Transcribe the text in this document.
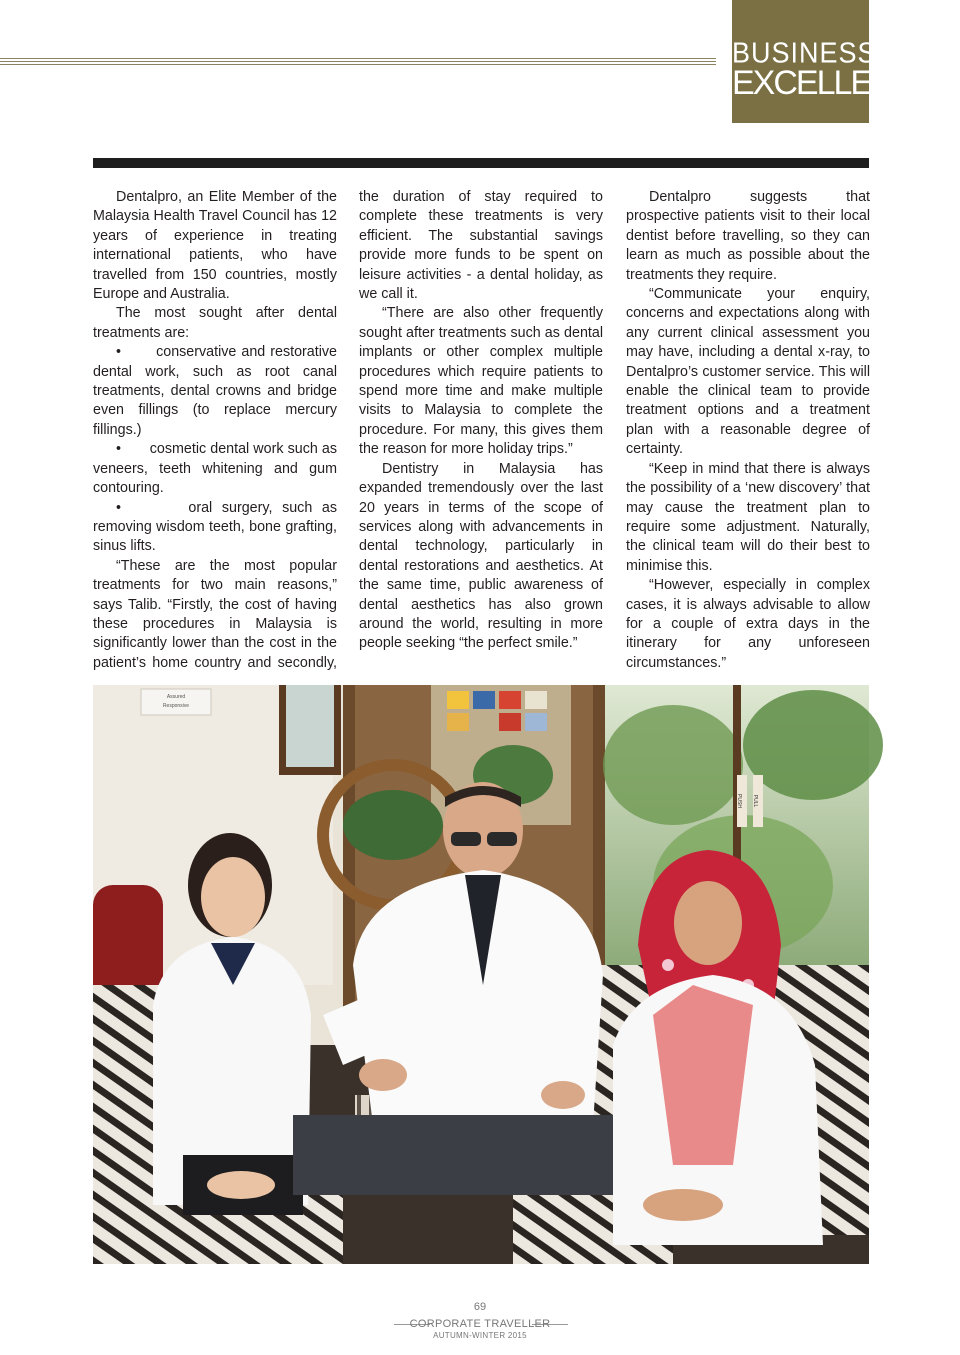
BUSINESS
EXCELLENCE

Dentalpro, an Elite Member of the Malaysia Health Travel Council has 12 years of experience in treating international patients, who have travelled from 150 countries, mostly Europe and Australia.

The most sought after dental treatments are:

•       conservative and restorative dental work, such as root canal treatments, dental crowns and bridge even fillings (to replace mercury fillings.)

•       cosmetic dental work such as veneers, teeth whitening and gum contouring.

•       oral surgery, such as removing wisdom teeth, bone grafting, sinus lifts.

“These are the most popular treatments for two main reasons,” says Talib. “Firstly, the cost of having these procedures in Malaysia is significantly lower than the cost in the patient’s home country and secondly,

the duration of stay required to complete these treatments is very efficient. The substantial savings provide more funds to be spent on leisure activities - a dental holiday, as we call it.

“There are also other frequently sought after treatments such as dental implants or other complex multiple procedures which require patients to spend more time and make multiple visits to Malaysia to complete the procedure. For many, this gives them the reason for more holiday trips.”

Dentistry in Malaysia has expanded tremendously over the last 20 years in terms of the scope of services along with advancements in dental technology, particularly in dental restorations and aesthetics. At the same time, public awareness of dental aesthetics has also grown around the world, resulting in more people seeking “the perfect smile.”

Dentalpro suggests that prospective patients visit to their local dentist before travelling, so they can learn as much as possible about the treatments they require.

“Communicate your enquiry, concerns and expectations along with any current clinical assessment you may have, including a dental x-ray, to Dentalpro’s customer service. This will enable the clinical team to provide treatment options and a treatment plan with a reasonable degree of certainty.

“Keep in mind that there is always the possibility of a ‘new discovery’ that may cause the treatment plan to require some adjustment. Naturally, the clinical team will do their best to minimise this.

“However, especially in complex cases, it is always advisable to allow for a couple of extra days in the itinerary for any unforeseen circumstances.”

Assured
Responsive
PUSH PULL
69
CORPORATE TRAVELLER
AUTUMN-WINTER 2015
